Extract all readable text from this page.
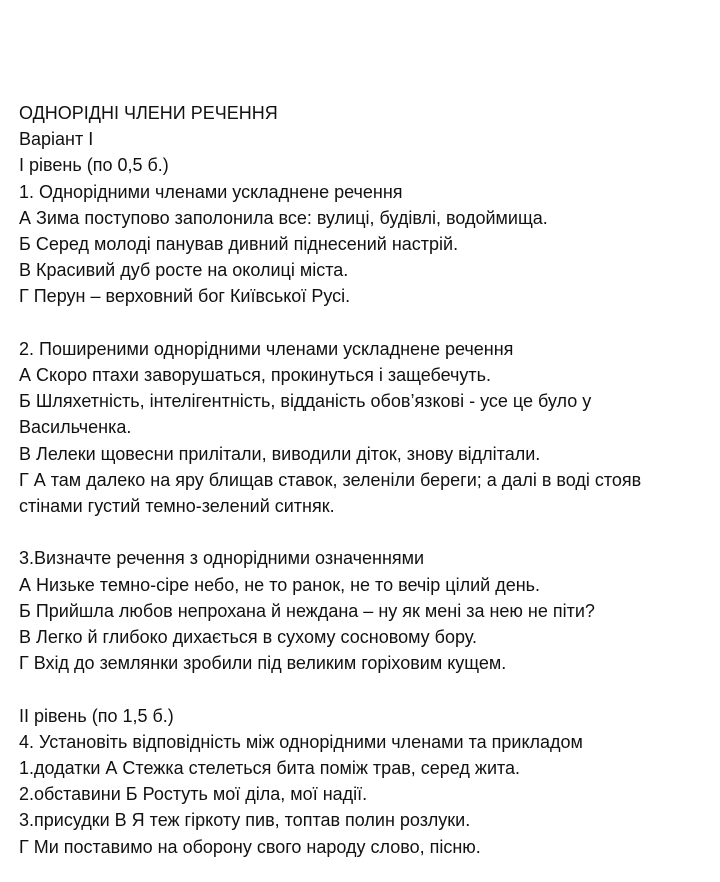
ОДНОРІДНІ ЧЛЕНИ РЕЧЕННЯ
Варіант I
І рівень (по 0,5 б.)
1. Однорідними членами ускладнене речення
А Зима поступово заполонила все: вулиці, будівлі, водоймища.
Б Серед молоді панував дивний піднесений настрій.
В Красивий дуб росте на околиці міста.
Г Перун – верховний бог Київської Русі.
2. Поширеними однорідними членами ускладнене речення
А Скоро птахи заворушаться, прокинуться і защебечуть.
Б Шляхетність, інтелігентність, відданість обов’язкові - усе це було у
Васильченка.
В Лелеки щовесни прилітали, виводили діток, знову відлітали.
Г А там далеко на яру блищав ставок, зеленіли береги; а далі в воді стояв
стінами густий темно-зелений ситняк.
3.Визначте речення з однорідними означеннями
А Низьке темно-сіре небо, не то ранок, не то вечір цілий день.
Б Прийшла любов непрохана й неждана – ну як мені за нею не піти?
В Легко й глибоко дихається в сухому сосновому бору.
Г Вхід до землянки зробили під великим горіховим кущем.
ІІ рівень (по 1,5 б.)
4. Установіть відповідність між однорідними членами та прикладом
1.додатки А Стежка стелеться бита поміж трав, серед жита.
2.обставини Б Ростуть мої діла, мої надії.
3.присудки В Я теж гіркоту пив, топтав полин розлуки.
Г Ми поставимо на оборону свого народу слово, пісню.
